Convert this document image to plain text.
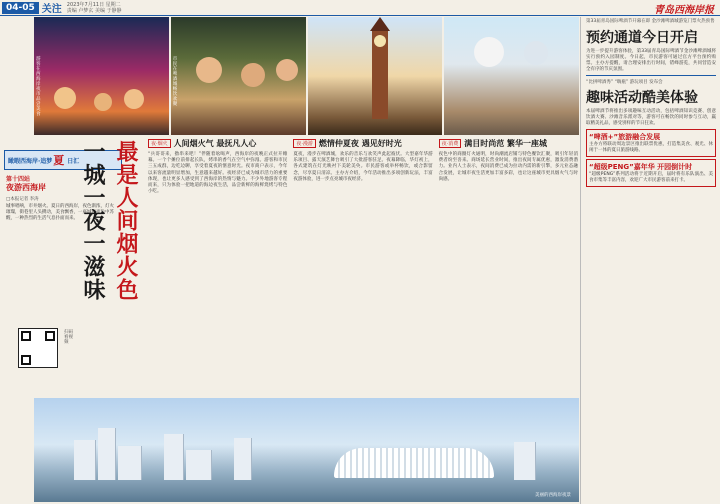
04-05 关注 2023年7月11日 星期二
责编 卢梦玄 美编 于静静	青岛西海岸报
游客在西海岸夜市品尝美食
市民在啤酒城畅饮欢聚
瞰暇西海岸·追梦 夏 日汇
第十四站
夜游西海岸
□本报记者 李涛
城事唱响，市井烟火。夏日的西海岸，夜色渐浓，灯火璀璨，街巷里人头攒动，美食飘香，一座城在夜色中苏醒，一种热烈的生活气息扑面而来。
扫码看视频
最是人间烟火色
一城一夜一滋味	夜·烟火 人间烟火气 最抚凡人心

“兵哥哥来，撸串来吧！”伴随着吆喝声，西海岸的夜晚正式拉开帷幕。一个个摊位前排起长队，烤串的香气在空气中弥漫。游客和市民三五成群，边吃边聊，享受着夏夜的惬意时光。夜市商户表示，今年以来客流量明显增加，生意越来越好。夜经济已成为城市活力的重要体现，也让更多人感受到了西海岸的热情与魅力。不少外地游客专程而来，只为体验一把地道的海边夜生活，品尝新鲜的海鲜烧烤与特色小吃。

夜·漫游 燃情仲夏夜 遇见好时光

夏夜，漫步在啤酒城，欢乐的音乐与欢笑声此起彼伏。大型嘉年华游乐项目、露天演艺舞台吸引了大批游客驻足。夜幕降临，华灯初上，各式建筑在灯光映衬下美轮美奂。市民游客或举杯畅饮，或合影留念，尽享夏日清凉。主办方介绍，今年活动推出多项创新玩法，丰富夜游体验，进一步点亮城市夜经济。

夜·消费 满目时尚范 繁华一座城

夜色中的商圈灯火通明，时尚潮流店铺与特色餐饮汇聚，吸引年轻消费者纷至沓来。商场延长营业时间，推出夜间专属优惠，激发消费潜力。业内人士表示，夜间消费已成为拉动内需的新引擎，多元业态融合发展，让城市夜生活更加丰富多彩，也让这座城市更具烟火气与时尚感。

美丽的西海岸夜景
第33届青岛国际啤酒节开幕在即 金沙滩啤酒城游览门票火热预售
预约通道今日开启
为进一步提升游客体验，第33届青岛国际啤酒节金沙滩啤酒城将实行预约入园制度。今日起，市民游客可通过官方平台预约购票。主办方提醒，请合理安排出行时间，错峰游览，共同营造安全有序的节庆氛围。
“比拼啤酒秀” “嗨瓶” 游玩项目 发布会
趣味活动酷美体验
本届啤酒节将推出多项趣味互动活动，包括啤酒知识竞赛、创意饮酒大赛、沙滩音乐派对等，游客可在畅饮的同时参与互动，赢取精美礼品，感受别样的节日狂欢。
“啤酒+”旅游融合发展
主办方将联动周边景区推出联票优惠，打造集美食、观光、休闲于一体的夏日旅游线路。
“超级PENG”嘉年华 开园倒计时
“超级PENG”系列活动将于近期开启，届时将有乐队演出、美食市集等丰富内容，欢迎广大市民游客前来打卡。
